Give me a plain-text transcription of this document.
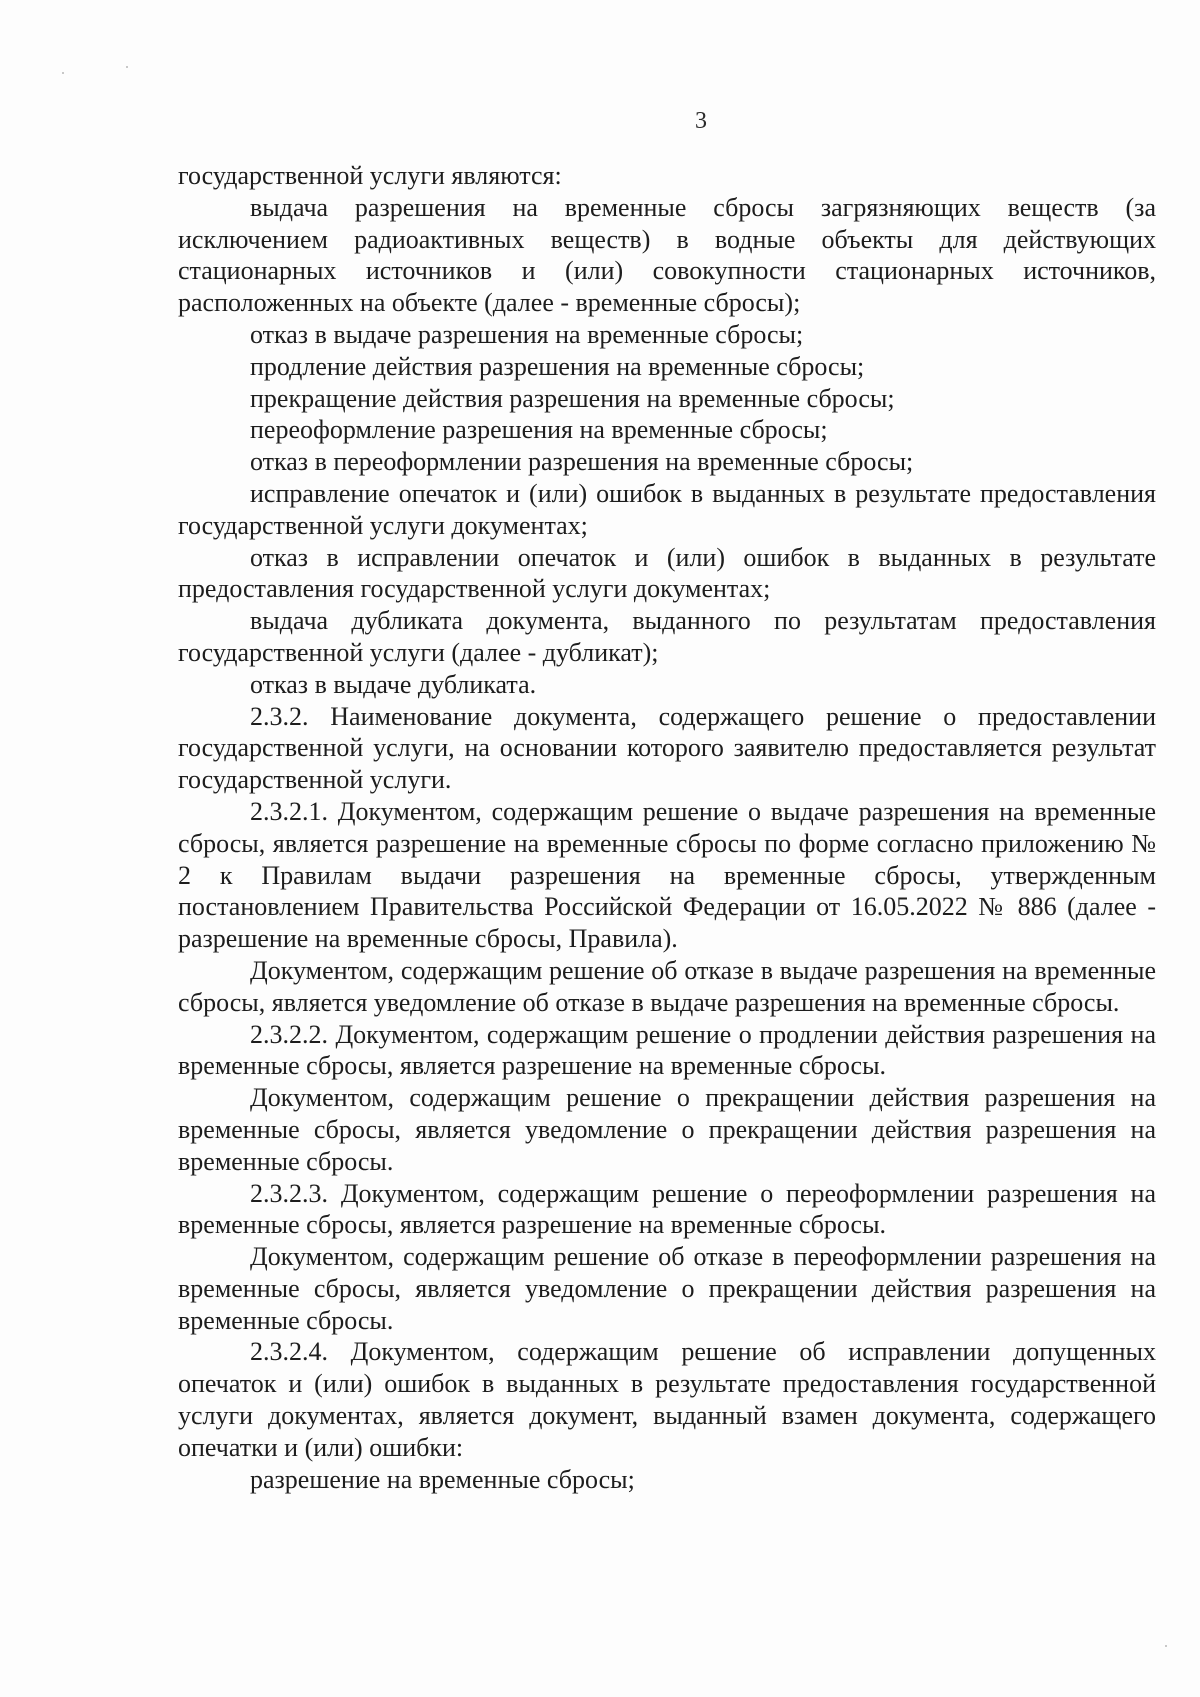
3

государственной услуги являются:

выдача разрешения на временные сбросы загрязняющих веществ (за исключением радиоактивных веществ) в водные объекты для действующих стационарных источников и (или) совокупности стационарных источников, расположенных на объекте (далее - временные сбросы);

отказ в выдаче разрешения на временные сбросы;

продление действия разрешения на временные сбросы;

прекращение действия разрешения на временные сбросы;

переоформление разрешения на временные сбросы;

отказ в переоформлении разрешения на временные сбросы;

исправление опечаток и (или) ошибок в выданных в результате предоставления государственной услуги документах;

отказ в исправлении опечаток и (или) ошибок в выданных в результате предоставления государственной услуги документах;

выдача дубликата документа, выданного по результатам предоставления государственной услуги (далее - дубликат);

отказ в выдаче дубликата.

2.3.2. Наименование документа, содержащего решение о предоставлении государственной услуги, на основании которого заявителю предоставляется результат государственной услуги.

2.3.2.1. Документом, содержащим решение о выдаче разрешения на временные сбросы, является разрешение на временные сбросы по форме согласно приложению № 2 к Правилам выдачи разрешения на временные сбросы, утвержденным постановлением Правительства Российской Федерации от 16.05.2022 № 886 (далее - разрешение на временные сбросы, Правила).

Документом, содержащим решение об отказе в выдаче разрешения на временные сбросы, является уведомление об отказе в выдаче разрешения на временные сбросы.

2.3.2.2. Документом, содержащим решение о продлении действия разрешения на временные сбросы, является разрешение на временные сбросы.

Документом, содержащим решение о прекращении действия разрешения на временные сбросы, является уведомление о прекращении действия разрешения на временные сбросы.

2.3.2.3. Документом, содержащим решение о переоформлении разрешения на временные сбросы, является разрешение на временные сбросы.

Документом, содержащим решение об отказе в переоформлении разрешения на временные сбросы, является уведомление о прекращении действия разрешения на временные сбросы.

2.3.2.4. Документом, содержащим решение об исправлении допущенных опечаток и (или) ошибок в выданных в результате предоставления государственной услуги документах, является документ, выданный взамен документа, содержащего опечатки и (или) ошибки:

разрешение на временные сбросы;
